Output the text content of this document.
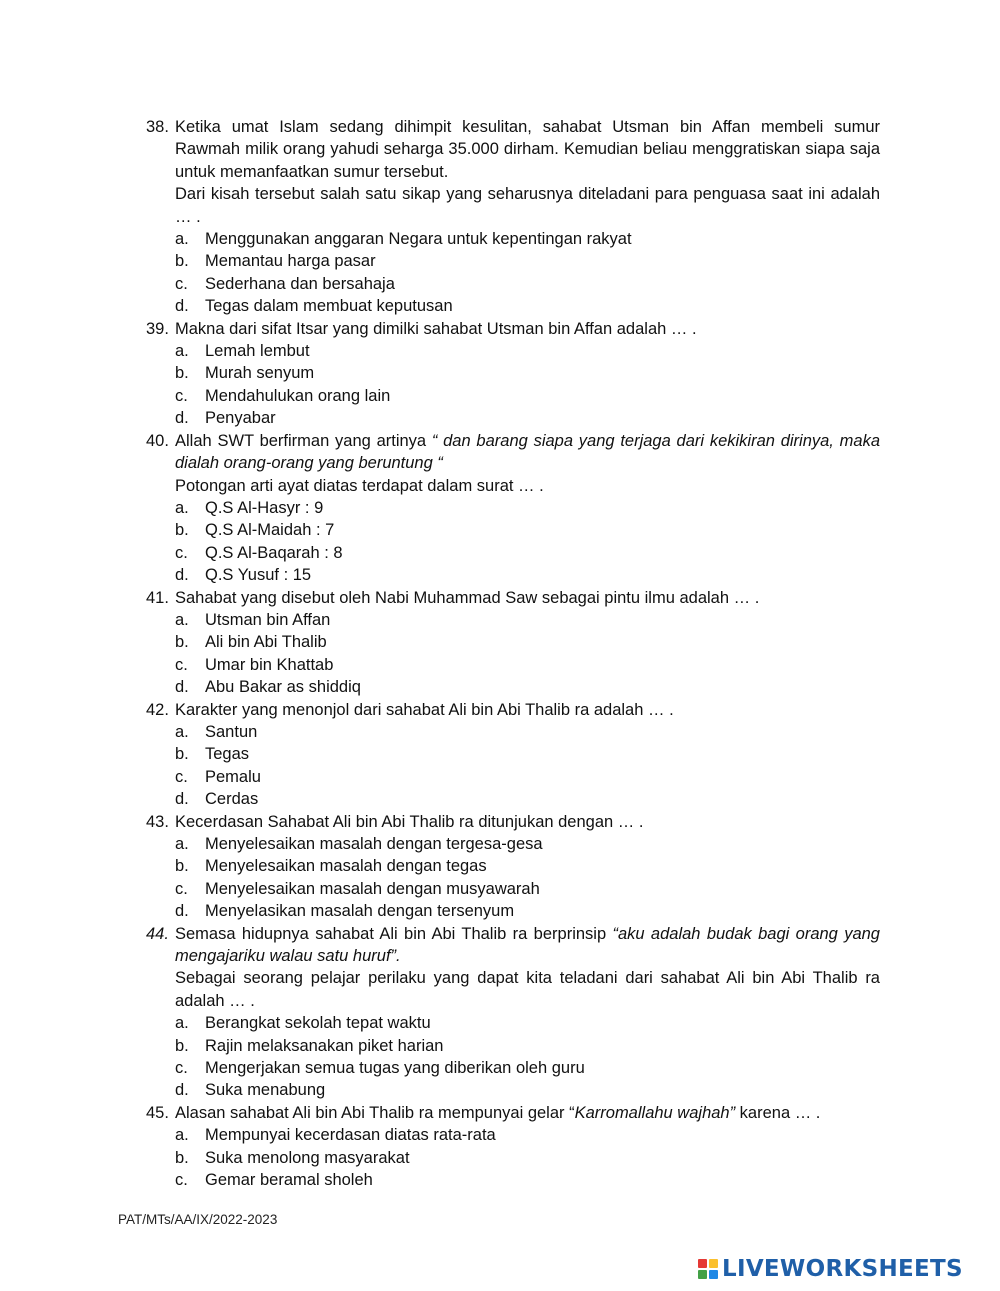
38. Ketika umat Islam sedang dihimpit kesulitan, sahabat Utsman bin Affan membeli sumur Rawmah milik orang yahudi seharga 35.000 dirham. Kemudian beliau menggratiskan siapa saja untuk memanfaatkan sumur tersebut.
Dari kisah tersebut salah satu sikap yang seharusnya diteladani para penguasa saat ini adalah … .
a. Menggunakan anggaran Negara untuk kepentingan rakyat
b. Memantau harga pasar
c. Sederhana dan bersahaja
d. Tegas dalam membuat keputusan
39. Makna dari sifat Itsar yang dimilki sahabat Utsman bin Affan adalah … .
a. Lemah lembut
b. Murah senyum
c. Mendahulukan orang lain
d. Penyabar
40. Allah SWT berfirman yang artinya “ dan barang siapa yang terjaga dari kekikiran dirinya, maka dialah orang-orang yang beruntung “
Potongan arti ayat diatas terdapat dalam surat … .
a. Q.S Al-Hasyr : 9
b. Q.S Al-Maidah : 7
c. Q.S Al-Baqarah : 8
d. Q.S Yusuf : 15
41. Sahabat yang disebut oleh Nabi Muhammad Saw sebagai pintu ilmu adalah … .
a. Utsman bin Affan
b. Ali bin Abi Thalib
c. Umar bin Khattab
d. Abu Bakar as shiddiq
42. Karakter yang menonjol dari sahabat Ali bin Abi Thalib ra adalah … .
a. Santun
b. Tegas
c. Pemalu
d. Cerdas
43. Kecerdasan Sahabat Ali bin Abi Thalib ra ditunjukan dengan … .
a. Menyelesaikan masalah dengan tergesa-gesa
b. Menyelesaikan masalah dengan tegas
c. Menyelesaikan masalah dengan musyawarah
d. Menyelasikan masalah dengan tersenyum
44. Semasa hidupnya sahabat Ali bin Abi Thalib ra berprinsip “aku adalah budak bagi orang yang mengajariku walau satu huruf”.
Sebagai seorang pelajar perilaku yang dapat kita teladani dari sahabat Ali bin Abi Thalib ra adalah … .
a. Berangkat sekolah tepat waktu
b. Rajin melaksanakan piket harian
c. Mengerjakan semua tugas yang diberikan oleh guru
d. Suka menabung
45. Alasan sahabat Ali bin Abi Thalib ra mempunyai gelar “Karromallahu wajhah” karena … .
a. Mempunyai kecerdasan diatas rata-rata
b. Suka menolong masyarakat
c. Gemar beramal sholeh
PAT/MTs/AA/IX/2022-2023
LIVEWORKSHEETS
